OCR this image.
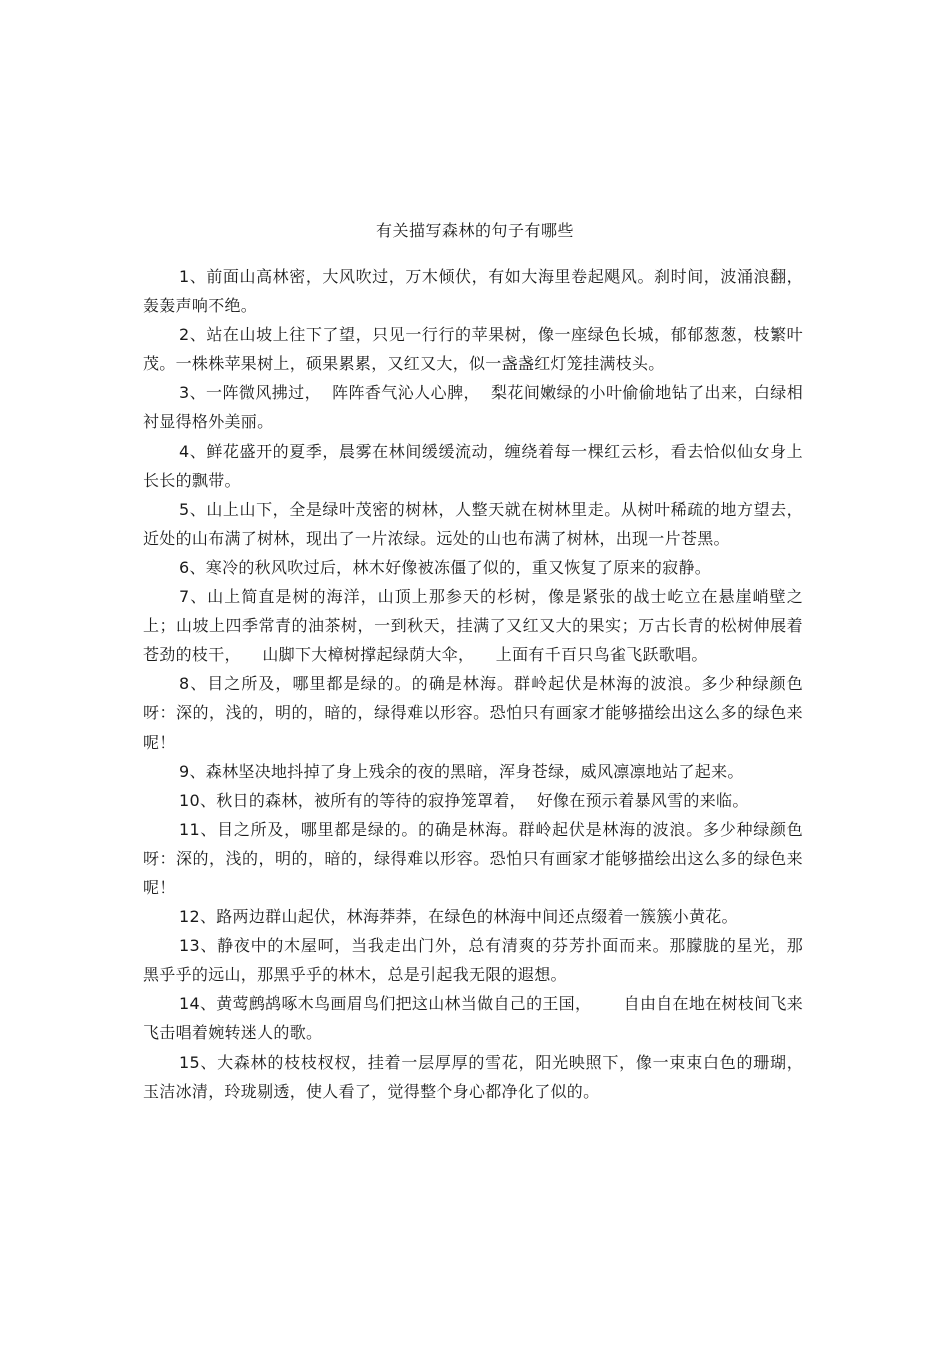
有关描写森林的句子有哪些

1、前面山高林密，大风吹过，万木倾伏，有如大海里卷起飓风。刹时间，波涌浪翻，轰轰声响不绝。

2、站在山坡上往下了望，只见一行行的苹果树，像一座绿色长城，郁郁葱葱，枝繁叶茂。一株株苹果树上，硕果累累，又红又大，似一盏盏红灯笼挂满枝头。

3、一阵微风拂过，  阵阵香气沁人心脾，  梨花间嫩绿的小叶偷偷地钻了出来，白绿相衬显得格外美丽。

4、鲜花盛开的夏季，晨雾在林间缓缓流动，缠绕着每一棵红云杉，看去恰似仙女身上长长的飘带。

5、山上山下，全是绿叶茂密的树林，人整天就在树林里走。从树叶稀疏的地方望去，近处的山布满了树林，现出了一片浓绿。远处的山也布满了树林，出现一片苍黑。

6、寒冷的秋风吹过后，林木好像被冻僵了似的，重又恢复了原来的寂静。

7、山上简直是树的海洋，山顶上那参天的杉树，像是紧张的战士屹立在悬崖峭壁之上；山坡上四季常青的油茶树，一到秋天，挂满了又红又大的果实；万古长青的松树伸展着苍劲的枝干，    山脚下大樟树撑起绿荫大伞，    上面有千百只鸟雀飞跃歌唱。

8、目之所及，哪里都是绿的。的确是林海。群岭起伏是林海的波浪。多少种绿颜色呀：深的，浅的，明的，暗的，绿得难以形容。恐怕只有画家才能够描绘出这么多的绿色来呢！

9、森林坚决地抖掉了身上残余的夜的黑暗，浑身苍绿，威风凛凛地站了起来。

10、秋日的森林，被所有的等待的寂挣笼罩着，  好像在预示着暴风雪的来临。

11、目之所及，哪里都是绿的。的确是林海。群岭起伏是林海的波浪。多少种绿颜色呀：深的，浅的，明的，暗的，绿得难以形容。恐怕只有画家才能够描绘出这么多的绿色来呢！

12、路两边群山起伏，林海莽莽，在绿色的林海中间还点缀着一簇簇小黄花。

13、静夜中的木屋呵，当我走出门外，总有清爽的芬芳扑面而来。那朦胧的星光，那黑乎乎的远山，那黑乎乎的林木，总是引起我无限的遐想。

14、黄莺鹧鸪啄木鸟画眉鸟们把这山林当做自己的王国，      自由自在地在树枝间飞来飞击唱着婉转迷人的歌。

15、大森林的枝枝杈杈，挂着一层厚厚的雪花，阳光映照下，像一束束白色的珊瑚，玉洁冰清，玲珑剔透，使人看了，觉得整个身心都净化了似的。
